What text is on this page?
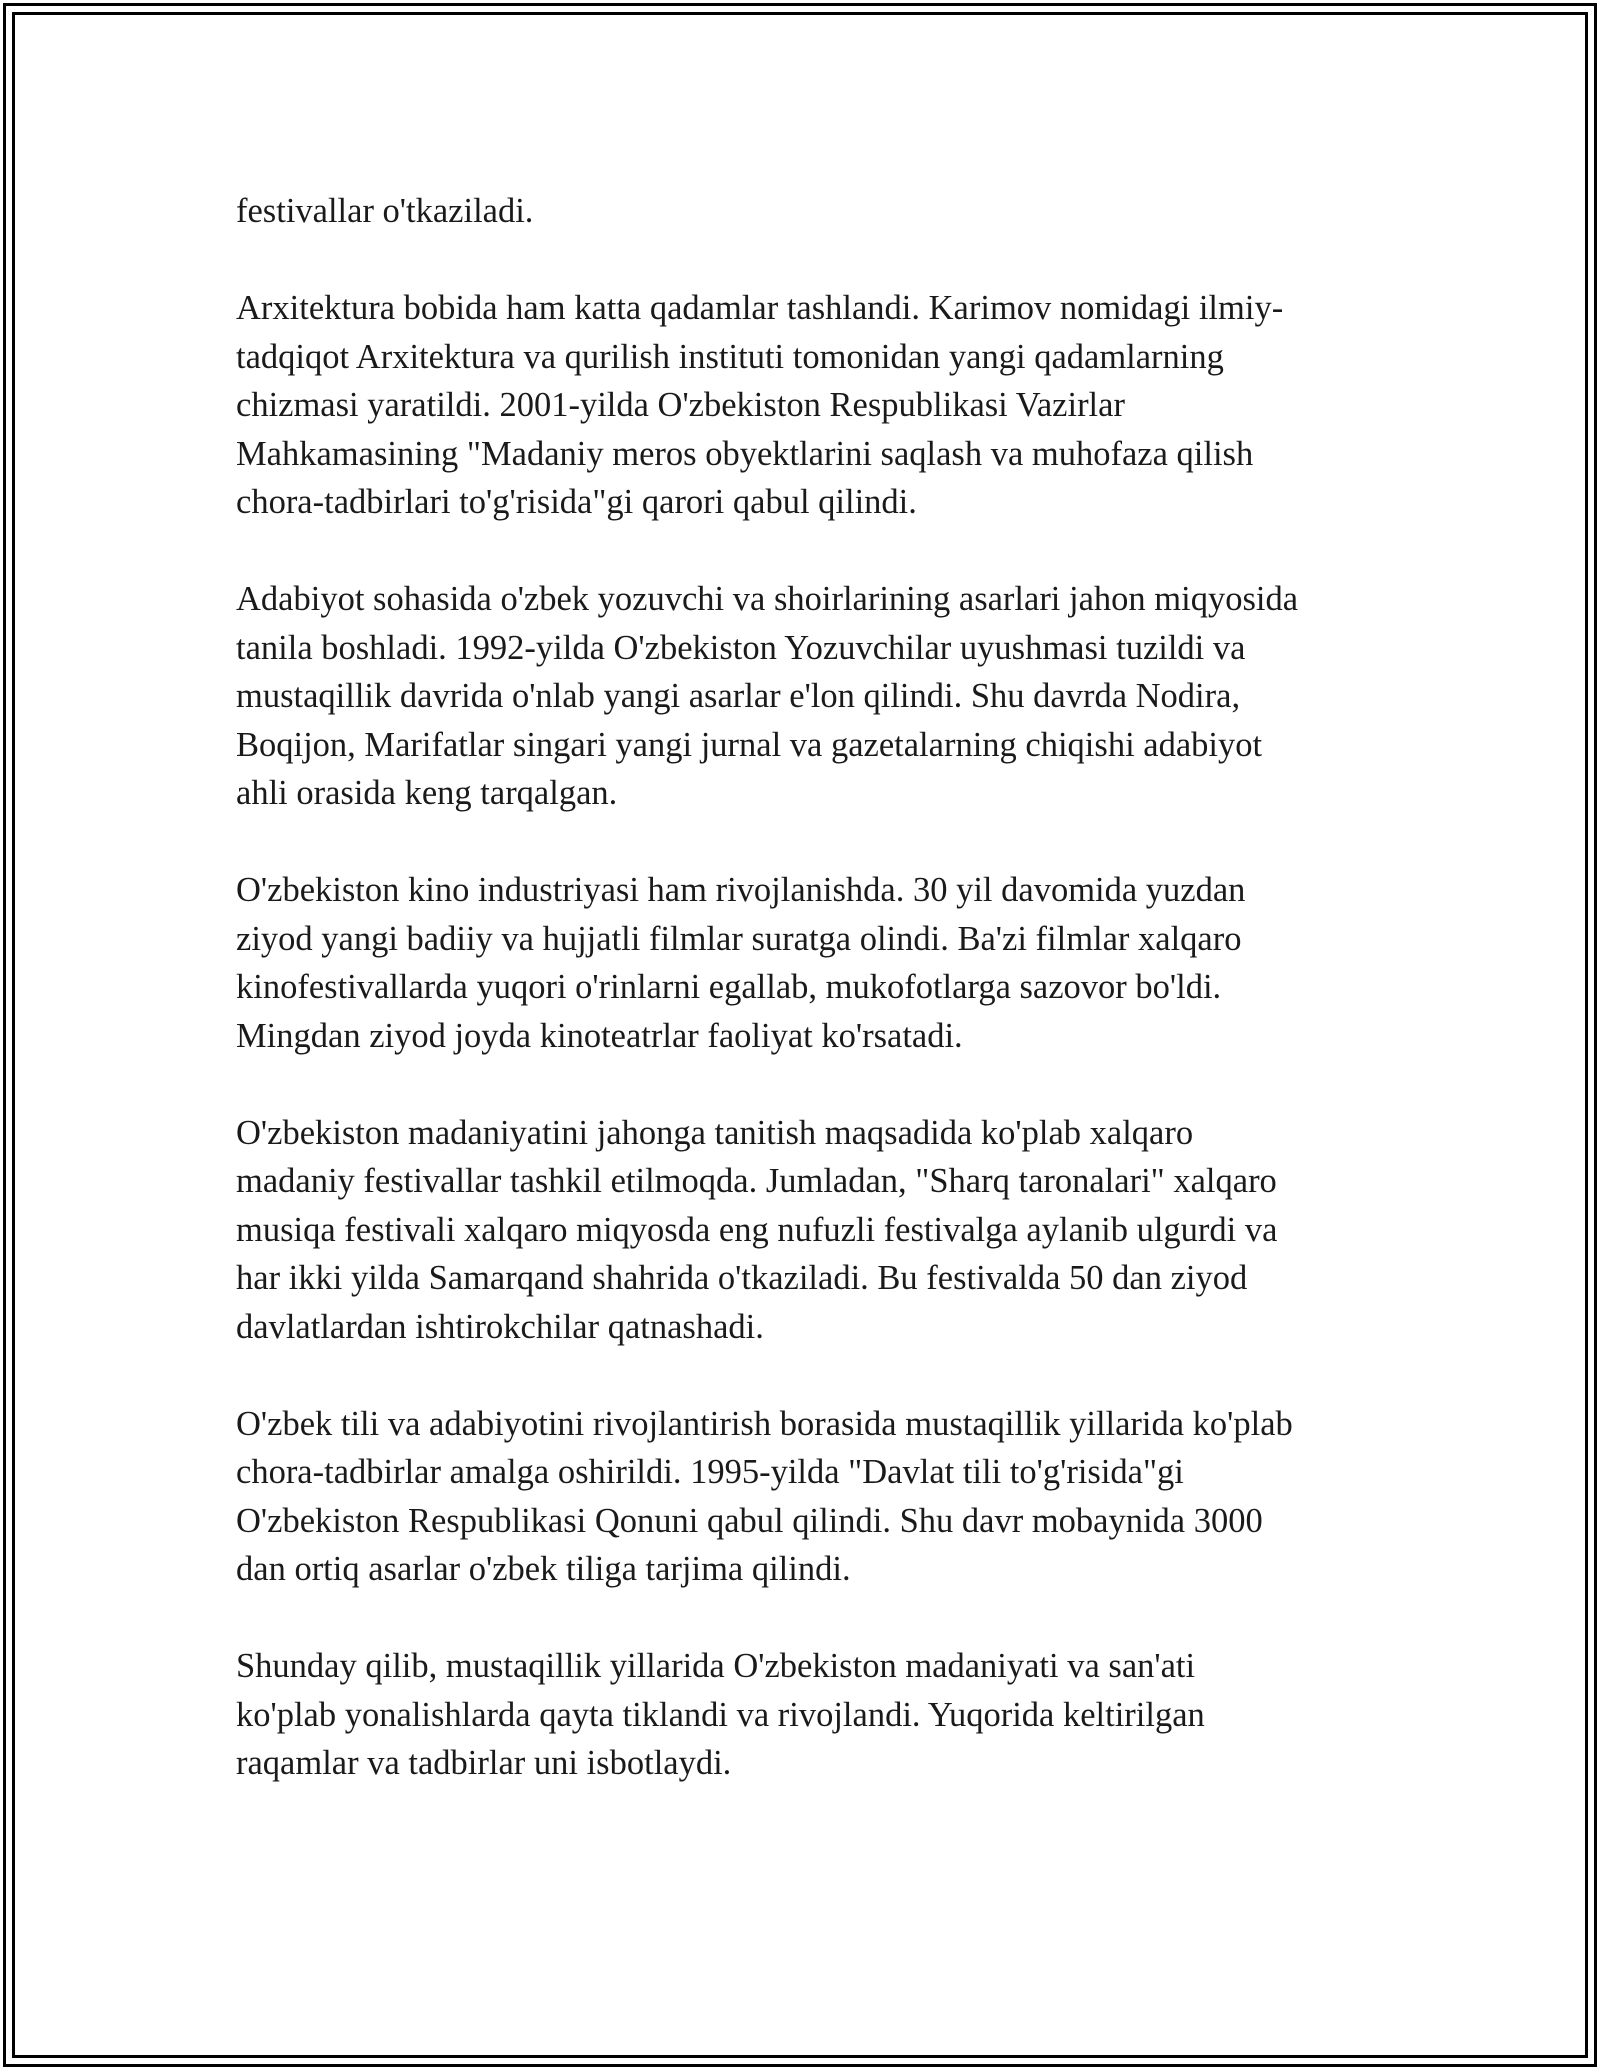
festivallar o'tkaziladi.

Arxitektura bobida ham katta qadamlar tashlandi. Karimov nomidagi ilmiy-
tadqiqot Arxitektura va qurilish instituti tomonidan yangi qadamlarning
chizmasi yaratildi. 2001-yilda O'zbekiston Respublikasi Vazirlar
Mahkamasining "Madaniy meros obyektlarini saqlash va muhofaza qilish
chora-tadbirlari to'g'risida"gi qarori qabul qilindi.

Adabiyot sohasida o'zbek yozuvchi va shoirlarining asarlari jahon miqyosida
tanila boshladi. 1992-yilda O'zbekiston Yozuvchilar uyushmasi tuzildi va
mustaqillik davrida o'nlab yangi asarlar e'lon qilindi. Shu davrda Nodira,
Boqijon, Marifatlar singari yangi jurnal va gazetalarning chiqishi adabiyot
ahli orasida keng tarqalgan.

O'zbekiston kino industriyasi ham rivojlanishda. 30 yil davomida yuzdan
ziyod yangi badiiy va hujjatli filmlar suratga olindi. Ba'zi filmlar xalqaro
kinofestivallarda yuqori o'rinlarni egallab, mukofotlarga sazovor bo'ldi.
Mingdan ziyod joyda kinoteatrlar faoliyat ko'rsatadi.

O'zbekiston madaniyatini jahonga tanitish maqsadida ko'plab xalqaro
madaniy festivallar tashkil etilmoqda. Jumladan, "Sharq taronalari" xalqaro
musiqa festivali xalqaro miqyosda eng nufuzli festivalga aylanib ulgurdi va
har ikki yilda Samarqand shahrida o'tkaziladi. Bu festivalda 50 dan ziyod
davlatlardan ishtirokchilar qatnashadi.

O'zbek tili va adabiyotini rivojlantirish borasida mustaqillik yillarida ko'plab
chora-tadbirlar amalga oshirildi. 1995-yilda "Davlat tili to'g'risida"gi
O'zbekiston Respublikasi Qonuni qabul qilindi. Shu davr mobaynida 3000
dan ortiq asarlar o'zbek tiliga tarjima qilindi.

Shunday qilib, mustaqillik yillarida O'zbekiston madaniyati va san'ati
ko'plab yonalishlarda qayta tiklandi va rivojlandi. Yuqorida keltirilgan
raqamlar va tadbirlar uni isbotlaydi.
